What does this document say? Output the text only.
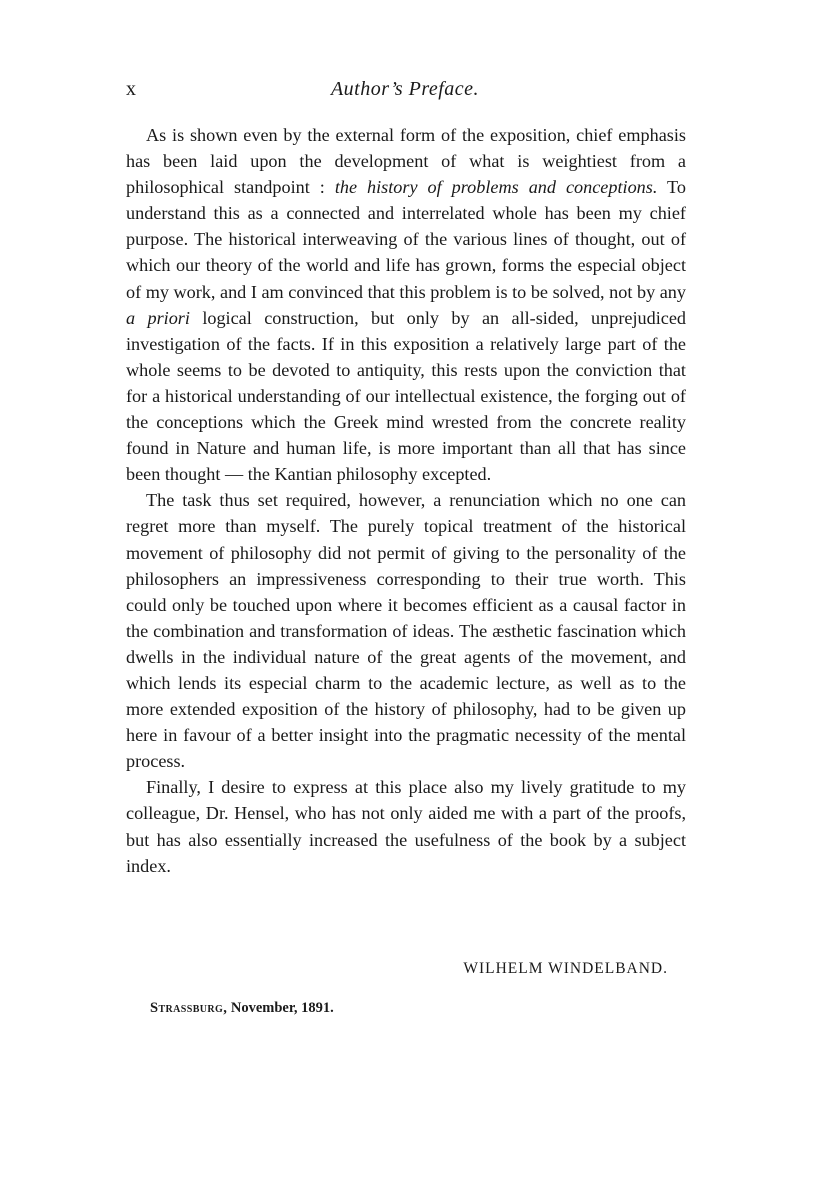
x	Author’s Preface.

As is shown even by the external form of the exposition, chief emphasis has been laid upon the development of what is weightiest from a philosophical standpoint : the history of problems and conceptions. To understand this as a connected and interrelated whole has been my chief purpose. The historical interweaving of the various lines of thought, out of which our theory of the world and life has grown, forms the especial object of my work, and I am convinced that this problem is to be solved, not by any a priori logical construction, but only by an all-sided, unprejudiced investigation of the facts. If in this exposition a relatively large part of the whole seems to be devoted to antiquity, this rests upon the conviction that for a historical understanding of our intellectual existence, the forging out of the conceptions which the Greek mind wrested from the concrete reality found in Nature and human life, is more important than all that has since been thought — the Kantian philosophy excepted.

The task thus set required, however, a renunciation which no one can regret more than myself. The purely topical treatment of the historical movement of philosophy did not permit of giving to the personality of the philosophers an impressiveness corresponding to their true worth. This could only be touched upon where it becomes efficient as a causal factor in the combination and transformation of ideas. The æsthetic fascination which dwells in the individual nature of the great agents of the movement, and which lends its especial charm to the academic lecture, as well as to the more extended exposition of the history of philosophy, had to be given up here in favour of a better insight into the pragmatic necessity of the mental process.

Finally, I desire to express at this place also my lively gratitude to my colleague, Dr. Hensel, who has not only aided me with a part of the proofs, but has also essentially increased the usefulness of the book by a subject index.

WILHELM WINDELBAND.
Strassburg, November, 1891.
